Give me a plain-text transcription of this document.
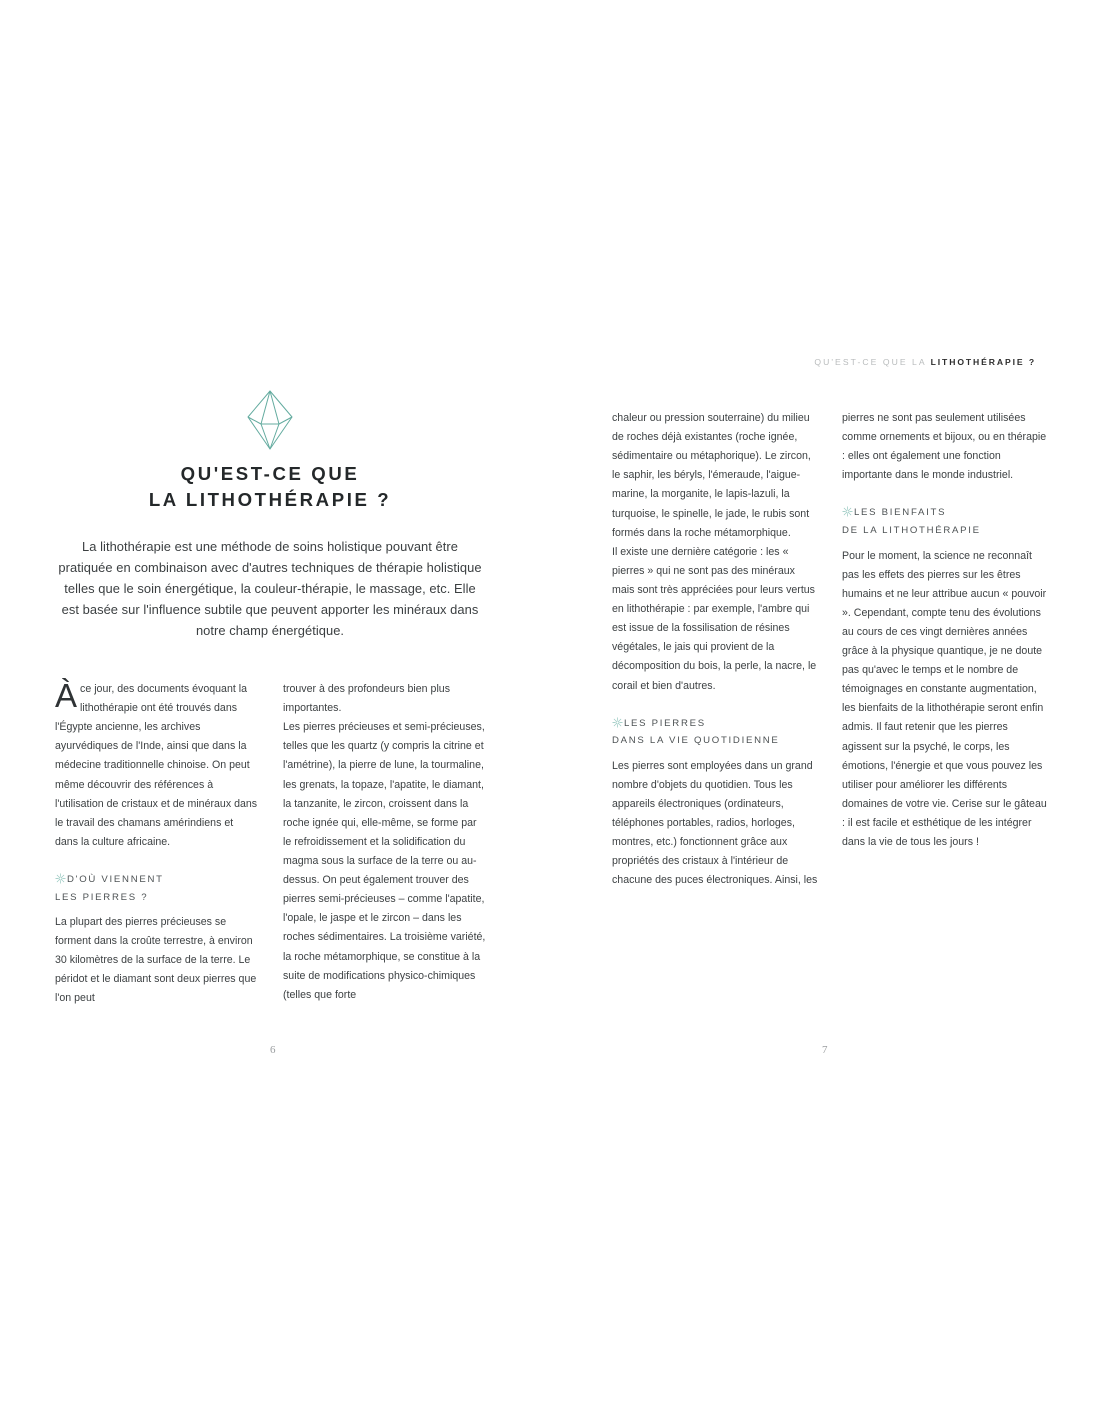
QU'EST-CE QUE LA LITHOTHÉRAPIE ?
QU'EST-CE QUE
LA LITHOTHÉRAPIE ?
La lithothérapie est une méthode de soins holistique pouvant être pratiquée en combinaison avec d'autres techniques de thérapie holistique telles que le soin énergétique, la couleur-thérapie, le massage, etc. Elle est basée sur l'influence subtile que peuvent apporter les minéraux dans notre champ énergétique.

Àce jour, des documents évoquant la lithothérapie ont été trouvés dans l'Égypte ancienne, les archives ayurvédiques de l'Inde, ainsi que dans la médecine traditionnelle chinoise. On peut même découvrir des références à l'utilisation de cristaux et de minéraux dans le travail des chamans amérindiens et dans la culture africaine.

D'OÙ VIENNENT
LES PIERRES ?

La plupart des pierres précieuses se forment dans la croûte terrestre, à environ 30 kilomètres de la surface de la terre. Le péridot et le diamant sont deux pierres que l'on peut

trouver à des profondeurs bien plus importantes.

Les pierres précieuses et semi-précieuses, telles que les quartz (y compris la citrine et l'amétrine), la pierre de lune, la tourmaline, les grenats, la topaze, l'apatite, le diamant, la tanzanite, le zircon, croissent dans la roche ignée qui, elle-même, se forme par le refroidissement et la solidification du magma sous la surface de la terre ou au-dessus. On peut également trouver des pierres semi-précieuses – comme l'apatite, l'opale, le jaspe et le zircon – dans les roches sédimentaires. La troisième variété, la roche métamorphique, se constitue à la suite de modifications physico-chimiques (telles que forte

chaleur ou pression souterraine) du milieu de roches déjà existantes (roche ignée, sédimentaire ou métaphorique). Le zircon, le saphir, les béryls, l'émeraude, l'aigue-marine, la morganite, le lapis-lazuli, la turquoise, le spinelle, le jade, le rubis sont formés dans la roche métamorphique.

Il existe une dernière catégorie : les « pierres » qui ne sont pas des minéraux mais sont très appréciées pour leurs vertus en lithothérapie : par exemple, l'ambre qui est issue de la fossilisation de résines végétales, le jais qui provient de la décomposition du bois, la perle, la nacre, le corail et bien d'autres.

LES PIERRES
DANS LA VIE QUOTIDIENNE

Les pierres sont employées dans un grand nombre d'objets du quotidien. Tous les appareils électroniques (ordinateurs, téléphones portables, radios, horloges, montres, etc.) fonctionnent grâce aux propriétés des cristaux à l'intérieur de chacune des puces électroniques. Ainsi, les

pierres ne sont pas seulement utilisées comme ornements et bijoux, ou en thérapie : elles ont également une fonction importante dans le monde industriel.

LES BIENFAITS
DE LA LITHOTHÉRAPIE

Pour le moment, la science ne reconnaît pas les effets des pierres sur les êtres humains et ne leur attribue aucun « pouvoir ». Cependant, compte tenu des évolutions au cours de ces vingt dernières années grâce à la physique quantique, je ne doute pas qu'avec le temps et le nombre de témoignages en constante augmentation, les bienfaits de la lithothérapie seront enfin admis. Il faut retenir que les pierres agissent sur la psyché, le corps, les émotions, l'énergie et que vous pouvez les utiliser pour améliorer les différents domaines de votre vie. Cerise sur le gâteau : il est facile et esthétique de les intégrer dans la vie de tous les jours !

6	7
